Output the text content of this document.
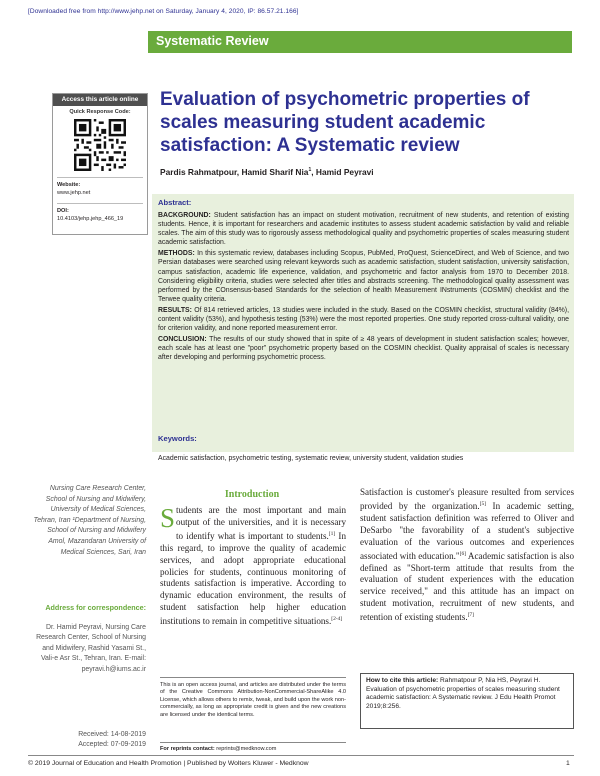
[Downloaded free from http://www.jehp.net on Saturday, January 4, 2020, IP: 86.57.21.166]
Systematic Review
Access this article online
Quick Response Code:
Website:
www.jehp.net
DOI:
10.4103/jehp.jehp_466_19
Evaluation of psychometric properties of scales measuring student academic satisfaction: A Systematic review
Pardis Rahmatpour, Hamid Sharif Nia$^1$, Hamid Peyravi
Abstract:

BACKGROUND: Student satisfaction has an impact on student motivation, recruitment of new students, and retention of existing students. Hence, it is important for researchers and academic institutes to assess student academic satisfaction by valid and reliable scales. The aim of this study was to rigorously assess methodological quality and psychometric properties of scales measuring student academic satisfaction.

METHODS: In this systematic review, databases including Scopus, PubMed, ProQuest, ScienceDirect, and Web of Science, and two Persian databases were searched using relevant keywords such as academic satisfaction, student satisfaction, university satisfaction, campus satisfaction, academic life experience, validation, and psychometric and factor analysis from 1970 to December 2018. Considering eligibility criteria, studies were selected after titles and abstracts screening. The methodological quality assessment was performed by the COnsensus-based Standards for the selection of health Measurement INstruments (COSMIN) checklist and the Terwee quality criteria.

RESULTS: Of 814 retrieved articles, 13 studies were included in the study. Based on the COSMIN checklist, structural validity (84%), content validity (53%), and hypothesis testing (53%) were the most reported properties. One study reported cross-cultural validity, one for criterion validity, and none reported measurement error.

CONCLUSION: The results of our study showed that in spite of ≥ 48 years of development in student satisfaction scales; however, each scale has at least one "poor" psychometric property based on the COSMIN checklist. Quality appraisal of scales is necessary after developing and performing psychometric process.

Keywords:
Academic satisfaction, psychometric testing, systematic review, university student, validation studies
Nursing Care Research Center, School of Nursing and Midwifery, University of Medical Sciences, Tehran, Iran ¹Department of Nursing, School of Nursing and Midwifery Amol, Mazandaran University of Medical Sciences, Sari, Iran
Address for correspondence:
Dr. Hamid Peyravi, Nursing Care Research Center, School of Nursing and Midwifery, Rashid Yasami St., Vali-e Asr St., Tehran, Iran. E-mail: peyravi.h@iums.ac.ir
Received: 14-08-2019
Accepted: 07-09-2019
Introduction
Students are the most important and main output of the universities, and it is necessary to identify what is important to students.[1] In this regard, to improve the quality of academic services, and adopt appropriate educational policies for students, continuous monitoring of students satisfaction is imperative. According to dynamic education environment, the results of student satisfaction help higher education institutions to remain in competitive situations.[2-4]
Satisfaction is customer's pleasure resulted from services provided by the organization.[5] In academic setting, student satisfaction definition was referred to Oliver and DeSarbo "the favorability of a student's subjective evaluation of the various outcomes and experiences associated with education."[6] Academic satisfaction is also defined as "Short-term attitude that results from the evaluation of student experiences with the education service received," and this attitude has an impact on student motivation, recruitment of new students, and retention of existing students.[7]
This is an open access journal, and articles are distributed under the terms of the Creative Commons Attribution-NonCommercial-ShareAlike 4.0 License, which allows others to remix, tweak, and build upon the work non-commercially, as long as appropriate credit is given and the new creations are licensed under the identical terms.
For reprints contact: reprints@medknow.com
How to cite this article: Rahmatpour P, Nia HS, Peyravi H. Evaluation of psychometric properties of scales measuring student academic satisfaction: A Systematic review. J Edu Health Promot 2019;8:256.
© 2019 Journal of Education and Health Promotion | Published by Wolters Kluwer - Medknow	1
